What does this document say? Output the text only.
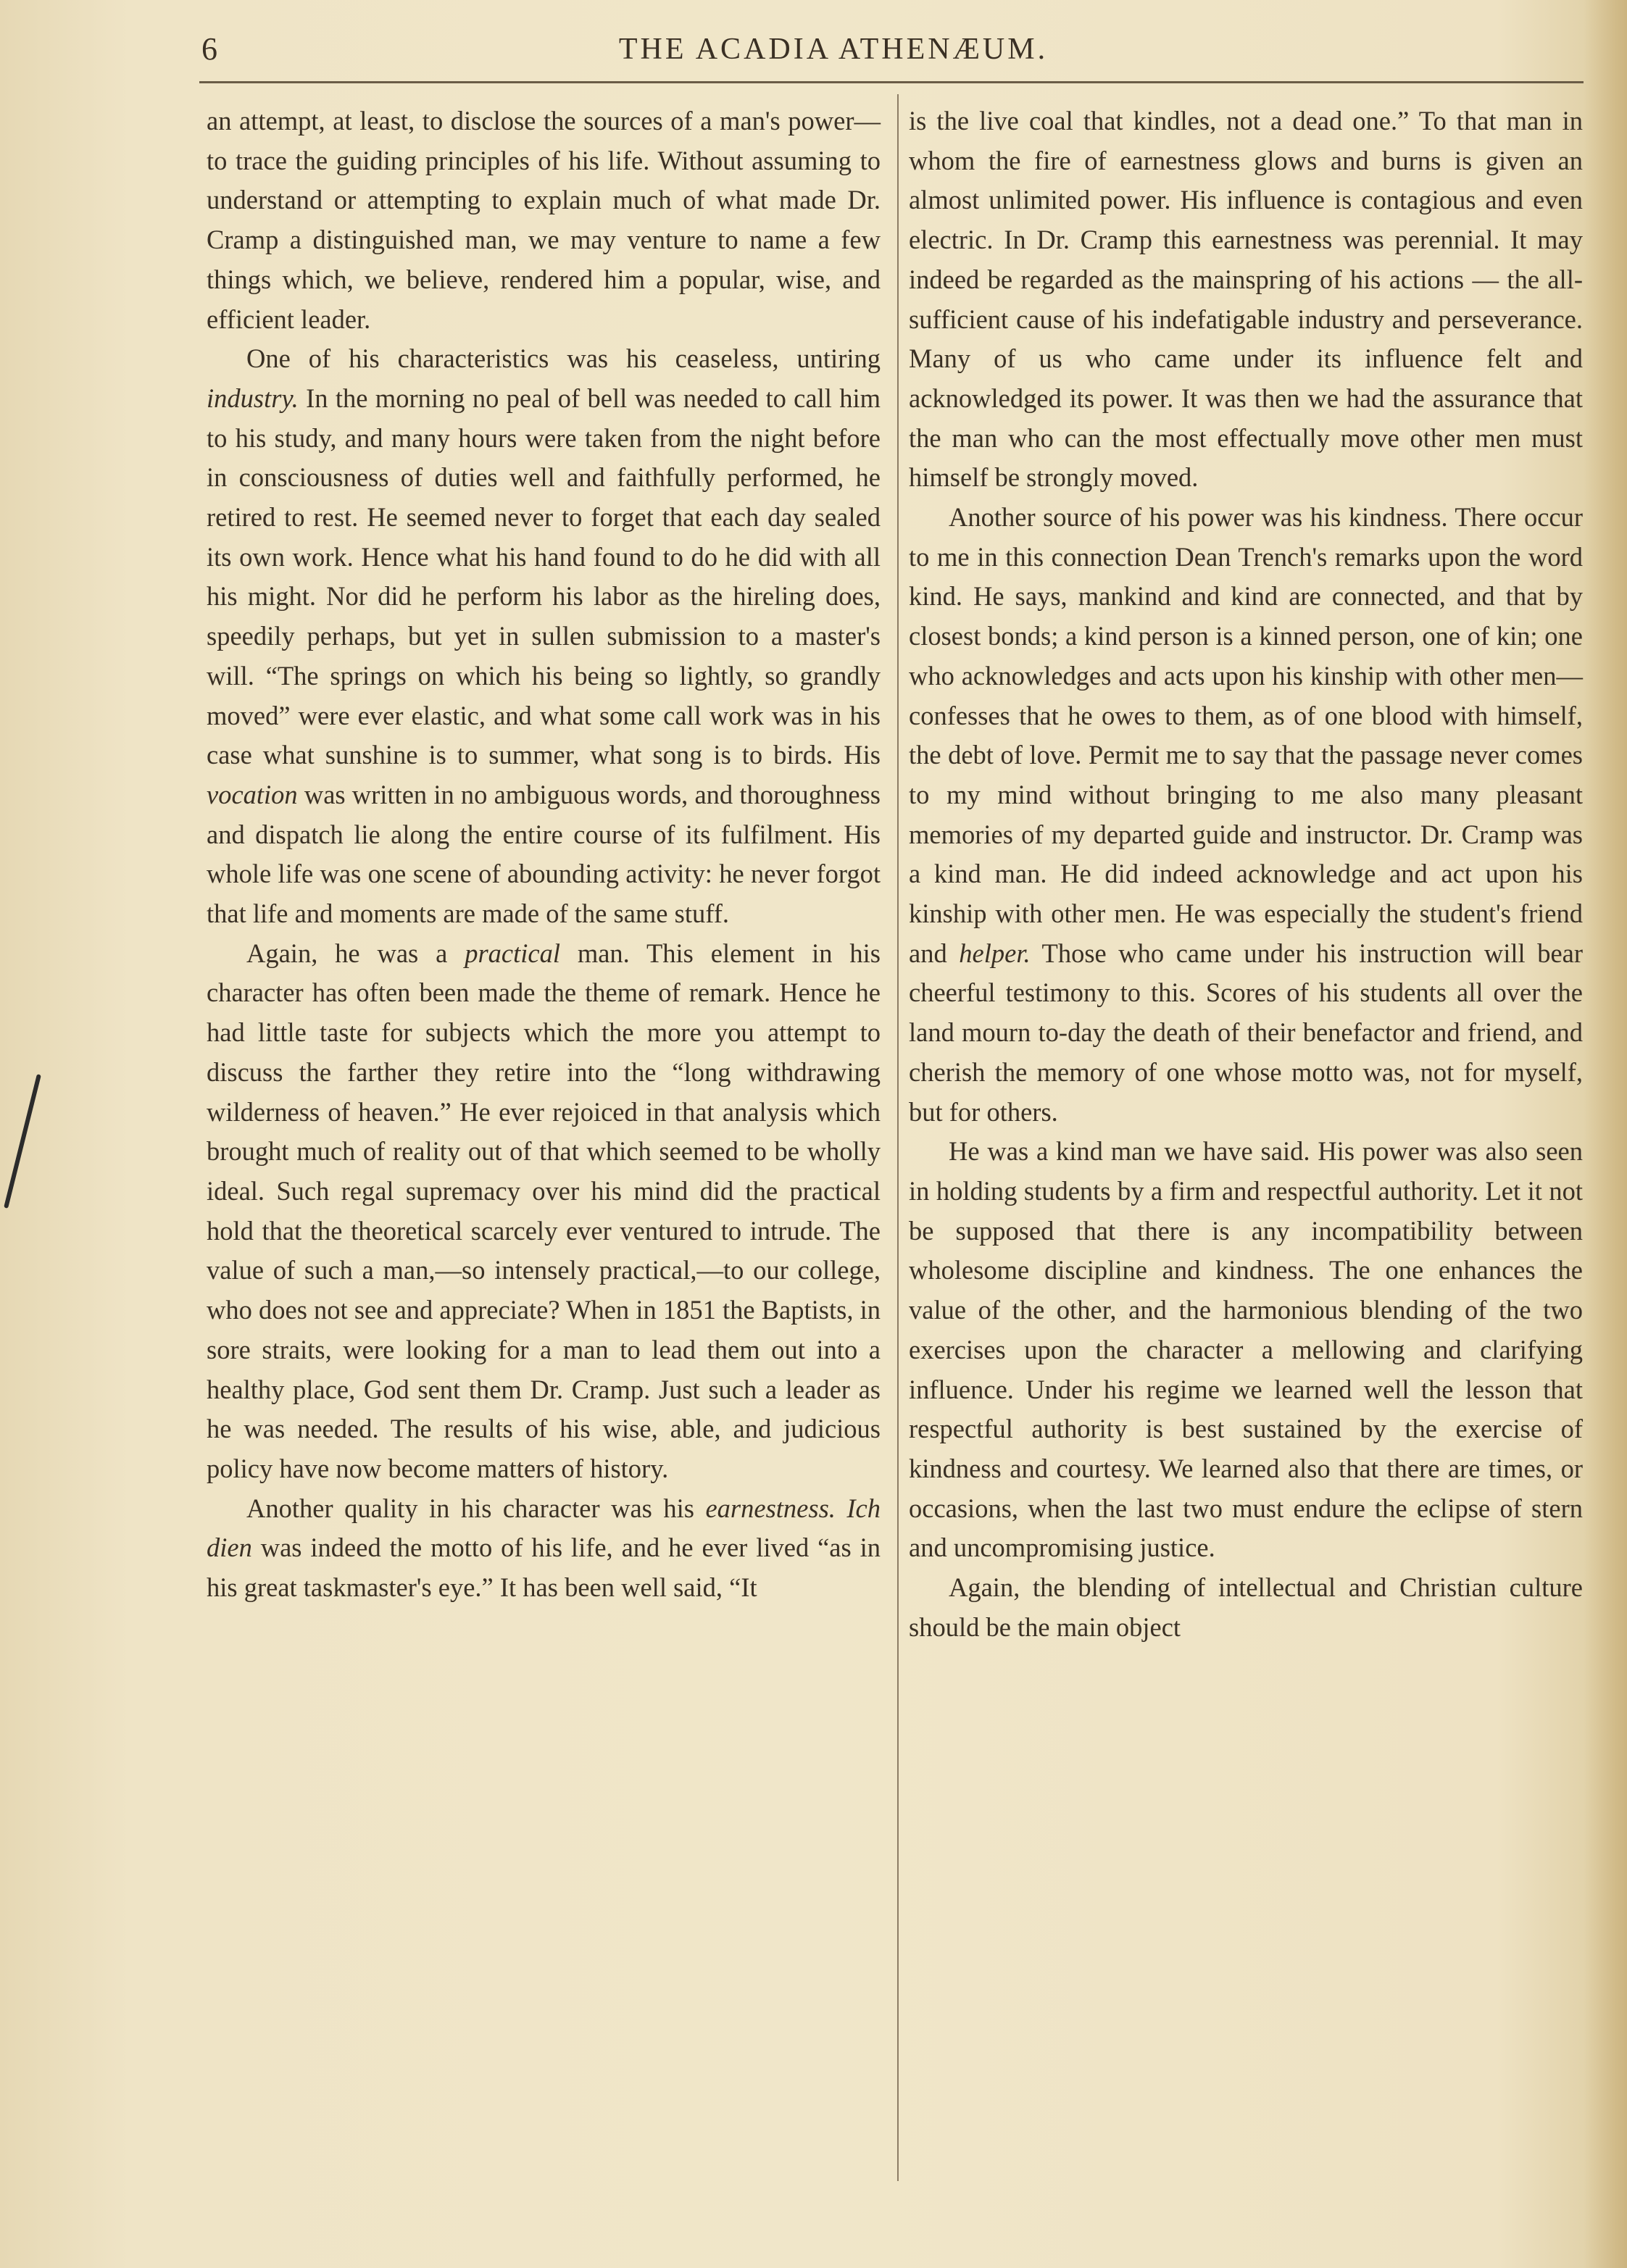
6	THE ACADIA ATHENÆUM.

an attempt, at least, to disclose the sources of a man's power—to trace the guiding principles of his life. Without assuming to understand or attempting to explain much of what made Dr. Cramp a distinguished man, we may venture to name a few things which, we believe, rendered him a popular, wise, and efficient leader.

One of his characteristics was his ceaseless, untiring industry. In the morning no peal of bell was needed to call him to his study, and many hours were taken from the night before in consciousness of duties well and faithfully performed, he retired to rest. He seemed never to forget that each day sealed its own work. Hence what his hand found to do he did with all his might. Nor did he perform his labor as the hireling does, speedily perhaps, but yet in sullen submission to a master's will. “The springs on which his being so lightly, so grandly moved” were ever elastic, and what some call work was in his case what sunshine is to summer, what song is to birds. His vocation was written in no ambiguous words, and thoroughness and dispatch lie along the entire course of its fulfilment. His whole life was one scene of abounding activity: he never forgot that life and moments are made of the same stuff.

Again, he was a practical man. This element in his character has often been made the theme of remark. Hence he had little taste for subjects which the more you attempt to discuss the farther they retire into the “long withdrawing wilderness of heaven.” He ever rejoiced in that analysis which brought much of reality out of that which seemed to be wholly ideal. Such regal supremacy over his mind did the practical hold that the theoretical scarcely ever ventured to intrude. The value of such a man,—so intensely practical,—to our college, who does not see and appreciate? When in 1851 the Baptists, in sore straits, were looking for a man to lead them out into a healthy place, God sent them Dr. Cramp. Just such a leader as he was needed. The results of his wise, able, and judicious policy have now become matters of history.

Another quality in his character was his earnestness. Ich dien was indeed the motto of his life, and he ever lived “as in his great taskmaster's eye.” It has been well said, “It

is the live coal that kindles, not a dead one.” To that man in whom the fire of earnestness glows and burns is given an almost unlimited power. His influence is contagious and even electric. In Dr. Cramp this earnestness was perennial. It may indeed be regarded as the mainspring of his actions — the all-sufficient cause of his indefatigable industry and perseverance. Many of us who came under its influence felt and acknowledged its power. It was then we had the assurance that the man who can the most effectually move other men must himself be strongly moved.

Another source of his power was his kindness. There occur to me in this connection Dean Trench's remarks upon the word kind. He says, mankind and kind are connected, and that by closest bonds; a kind person is a kinned person, one of kin; one who acknowledges and acts upon his kinship with other men—confesses that he owes to them, as of one blood with himself, the debt of love. Permit me to say that the passage never comes to my mind without bringing to me also many pleasant memories of my departed guide and instructor. Dr. Cramp was a kind man. He did indeed acknowledge and act upon his kinship with other men. He was especially the student's friend and helper. Those who came under his instruction will bear cheerful testimony to this. Scores of his students all over the land mourn to-day the death of their benefactor and friend, and cherish the memory of one whose motto was, not for myself, but for others.

He was a kind man we have said. His power was also seen in holding students by a firm and respectful authority. Let it not be supposed that there is any incompatibility between wholesome discipline and kindness. The one enhances the value of the other, and the harmonious blending of the two exercises upon the character a mellowing and clarifying influence. Under his regime we learned well the lesson that respectful authority is best sustained by the exercise of kindness and courtesy. We learned also that there are times, or occasions, when the last two must endure the eclipse of stern and uncompromising justice.

Again, the blending of intellectual and Christian culture should be the main object
